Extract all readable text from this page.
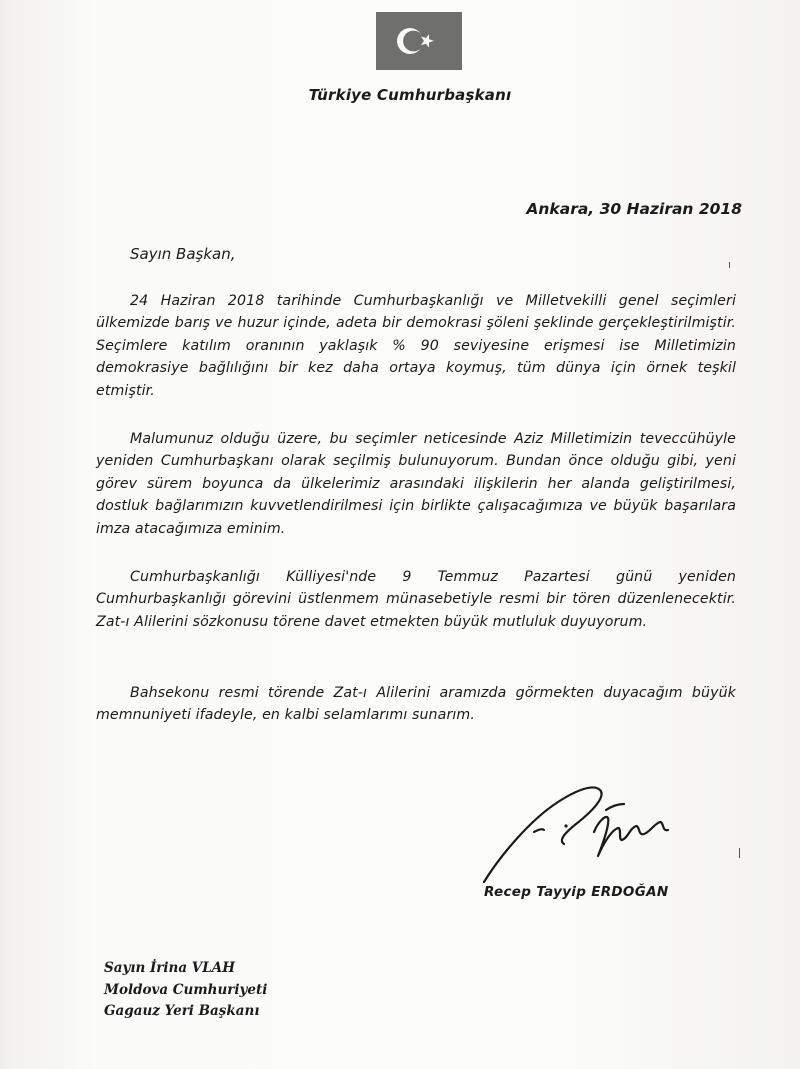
Türkiye Cumhurbaşkanı
Ankara, 30 Haziran 2018
Sayın Başkan,
24 Haziran 2018 tarihinde Cumhurbaşkanlığı ve Milletvekilli genel seçimleri ülkemizde barış ve huzur içinde, adeta bir demokrasi şöleni şeklinde gerçekleştirilmiştir. Seçimlere katılım oranının yaklaşık % 90 seviyesine erişmesi ise Milletimizin demokrasiye bağlılığını bir kez daha ortaya koymuş, tüm dünya için örnek teşkil etmiştir.
Malumunuz olduğu üzere, bu seçimler neticesinde Aziz Milletimizin teveccühüyle yeniden Cumhurbaşkanı olarak seçilmiş bulunuyorum. Bundan önce olduğu gibi, yeni görev sürem boyunca da ülkelerimiz arasındaki ilişkilerin her alanda geliştirilmesi, dostluk bağlarımızın kuvvetlendirilmesi için birlikte çalışacağımıza ve büyük başarılara imza atacağımıza eminim.
Cumhurbaşkanlığı Külliyesi'nde 9 Temmuz Pazartesi günü yeniden Cumhurbaşkanlığı görevini üstlenmem münasebetiyle resmi bir tören düzenlenecektir. Zat-ı Alilerini sözkonusu törene davet etmekten büyük mutluluk duyuyorum.
Bahsekonu resmi törende Zat-ı Alilerini aramızda görmekten duyacağım büyük memnuniyeti ifadeyle, en kalbi selamlarımı sunarım.
Recep Tayyip ERDOĞAN
Sayın İrina VLAH
Moldova Cumhuriyeti
Gagauz Yeri Başkanı
